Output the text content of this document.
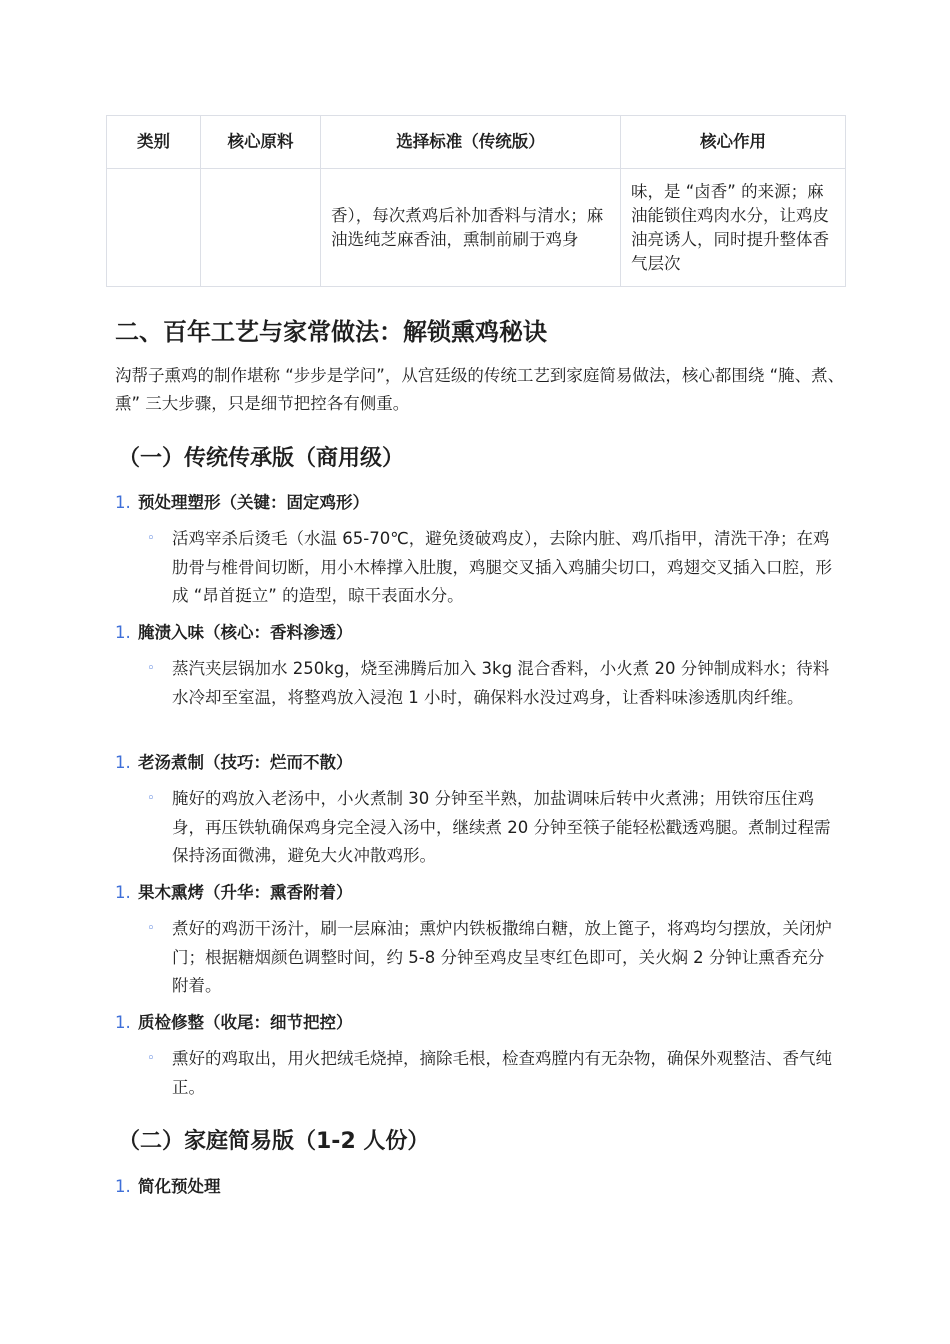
类别	核心原料	选择标准（传统版）	核心作用
		香），每次煮鸡后补加香料与清水；麻油选纯芝麻香油，熏制前刷于鸡身	味，是 “卤香” 的来源；麻油能锁住鸡肉水分，让鸡皮油亮诱人，同时提升整体香气层次
二、百年工艺与家常做法：解锁熏鸡秘诀

沟帮子熏鸡的制作堪称 “步步是学问”，从宫廷级的传统工艺到家庭简易做法，核心都围绕 “腌、煮、熏” 三大步骤，只是细节把控各有侧重。

（一）传统传承版（商用级）
1. 预处理塑形（关键：固定鸡形）
◦ 活鸡宰杀后烫毛（水温 65-70℃，避免烫破鸡皮），去除内脏、鸡爪指甲，清洗干净；在鸡肋骨与椎骨间切断，用小木棒撑入肚腹，鸡腿交叉插入鸡脯尖切口，鸡翅交叉插入口腔，形成 “昂首挺立” 的造型，晾干表面水分。
1. 腌渍入味（核心：香料渗透）
◦ 蒸汽夹层锅加水 250kg，烧至沸腾后加入 3kg 混合香料，小火煮 20 分钟制成料水；待料水冷却至室温，将整鸡放入浸泡 1 小时，确保料水没过鸡身，让香料味渗透肌肉纤维。
1. 老汤煮制（技巧：烂而不散）
◦ 腌好的鸡放入老汤中，小火煮制 30 分钟至半熟，加盐调味后转中火煮沸；用铁帘压住鸡身，再压铁轨确保鸡身完全浸入汤中，继续煮 20 分钟至筷子能轻松戳透鸡腿。煮制过程需保持汤面微沸，避免大火冲散鸡形。
1. 果木熏烤（升华：熏香附着）
◦ 煮好的鸡沥干汤汁，刷一层麻油；熏炉内铁板撒绵白糖，放上篦子，将鸡均匀摆放，关闭炉门；根据糖烟颜色调整时间，约 5-8 分钟至鸡皮呈枣红色即可，关火焖 2 分钟让熏香充分附着。
1. 质检修整（收尾：细节把控）
◦ 熏好的鸡取出，用火把绒毛烧掉，摘除毛根，检查鸡膛内有无杂物，确保外观整洁、香气纯正。
（二）家庭简易版（1-2 人份）
1. 简化预处理
